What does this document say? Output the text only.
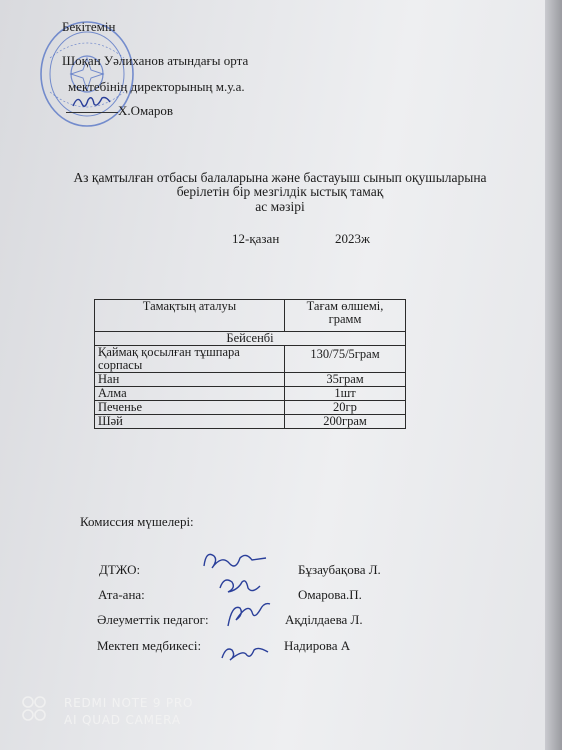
Бекітемін
Шоқан Уәлиханов атындағы орта
мектебінің директорының м.у.а.
Х.Омаров
Аз қамтылған отбасы балаларына және бастауыш сынып оқушыларына
берілетін бір мезгілдік ыстық тамақ
ас мәзірі
12-қазан	2023ж
Тамақтың аталуы	Тағам өлшемі,
грамм
Бейсенбі	
Қаймақ қосылған тұшпара
сорпасы	130/75/5грам
Нан	35грам
Алма	1шт
Печенье	20гр
Шәй	200грам
Комиссия мүшелері:
ДТЖО:	Бұзаубақова Л.
Ата-ана:	Омарова.П.
Әлеуметтік педагог:	Ақділдаева Л.
Мектеп медбикесі:	Надирова А
REDMI NOTE 9 PRO
AI QUAD CAMERA
